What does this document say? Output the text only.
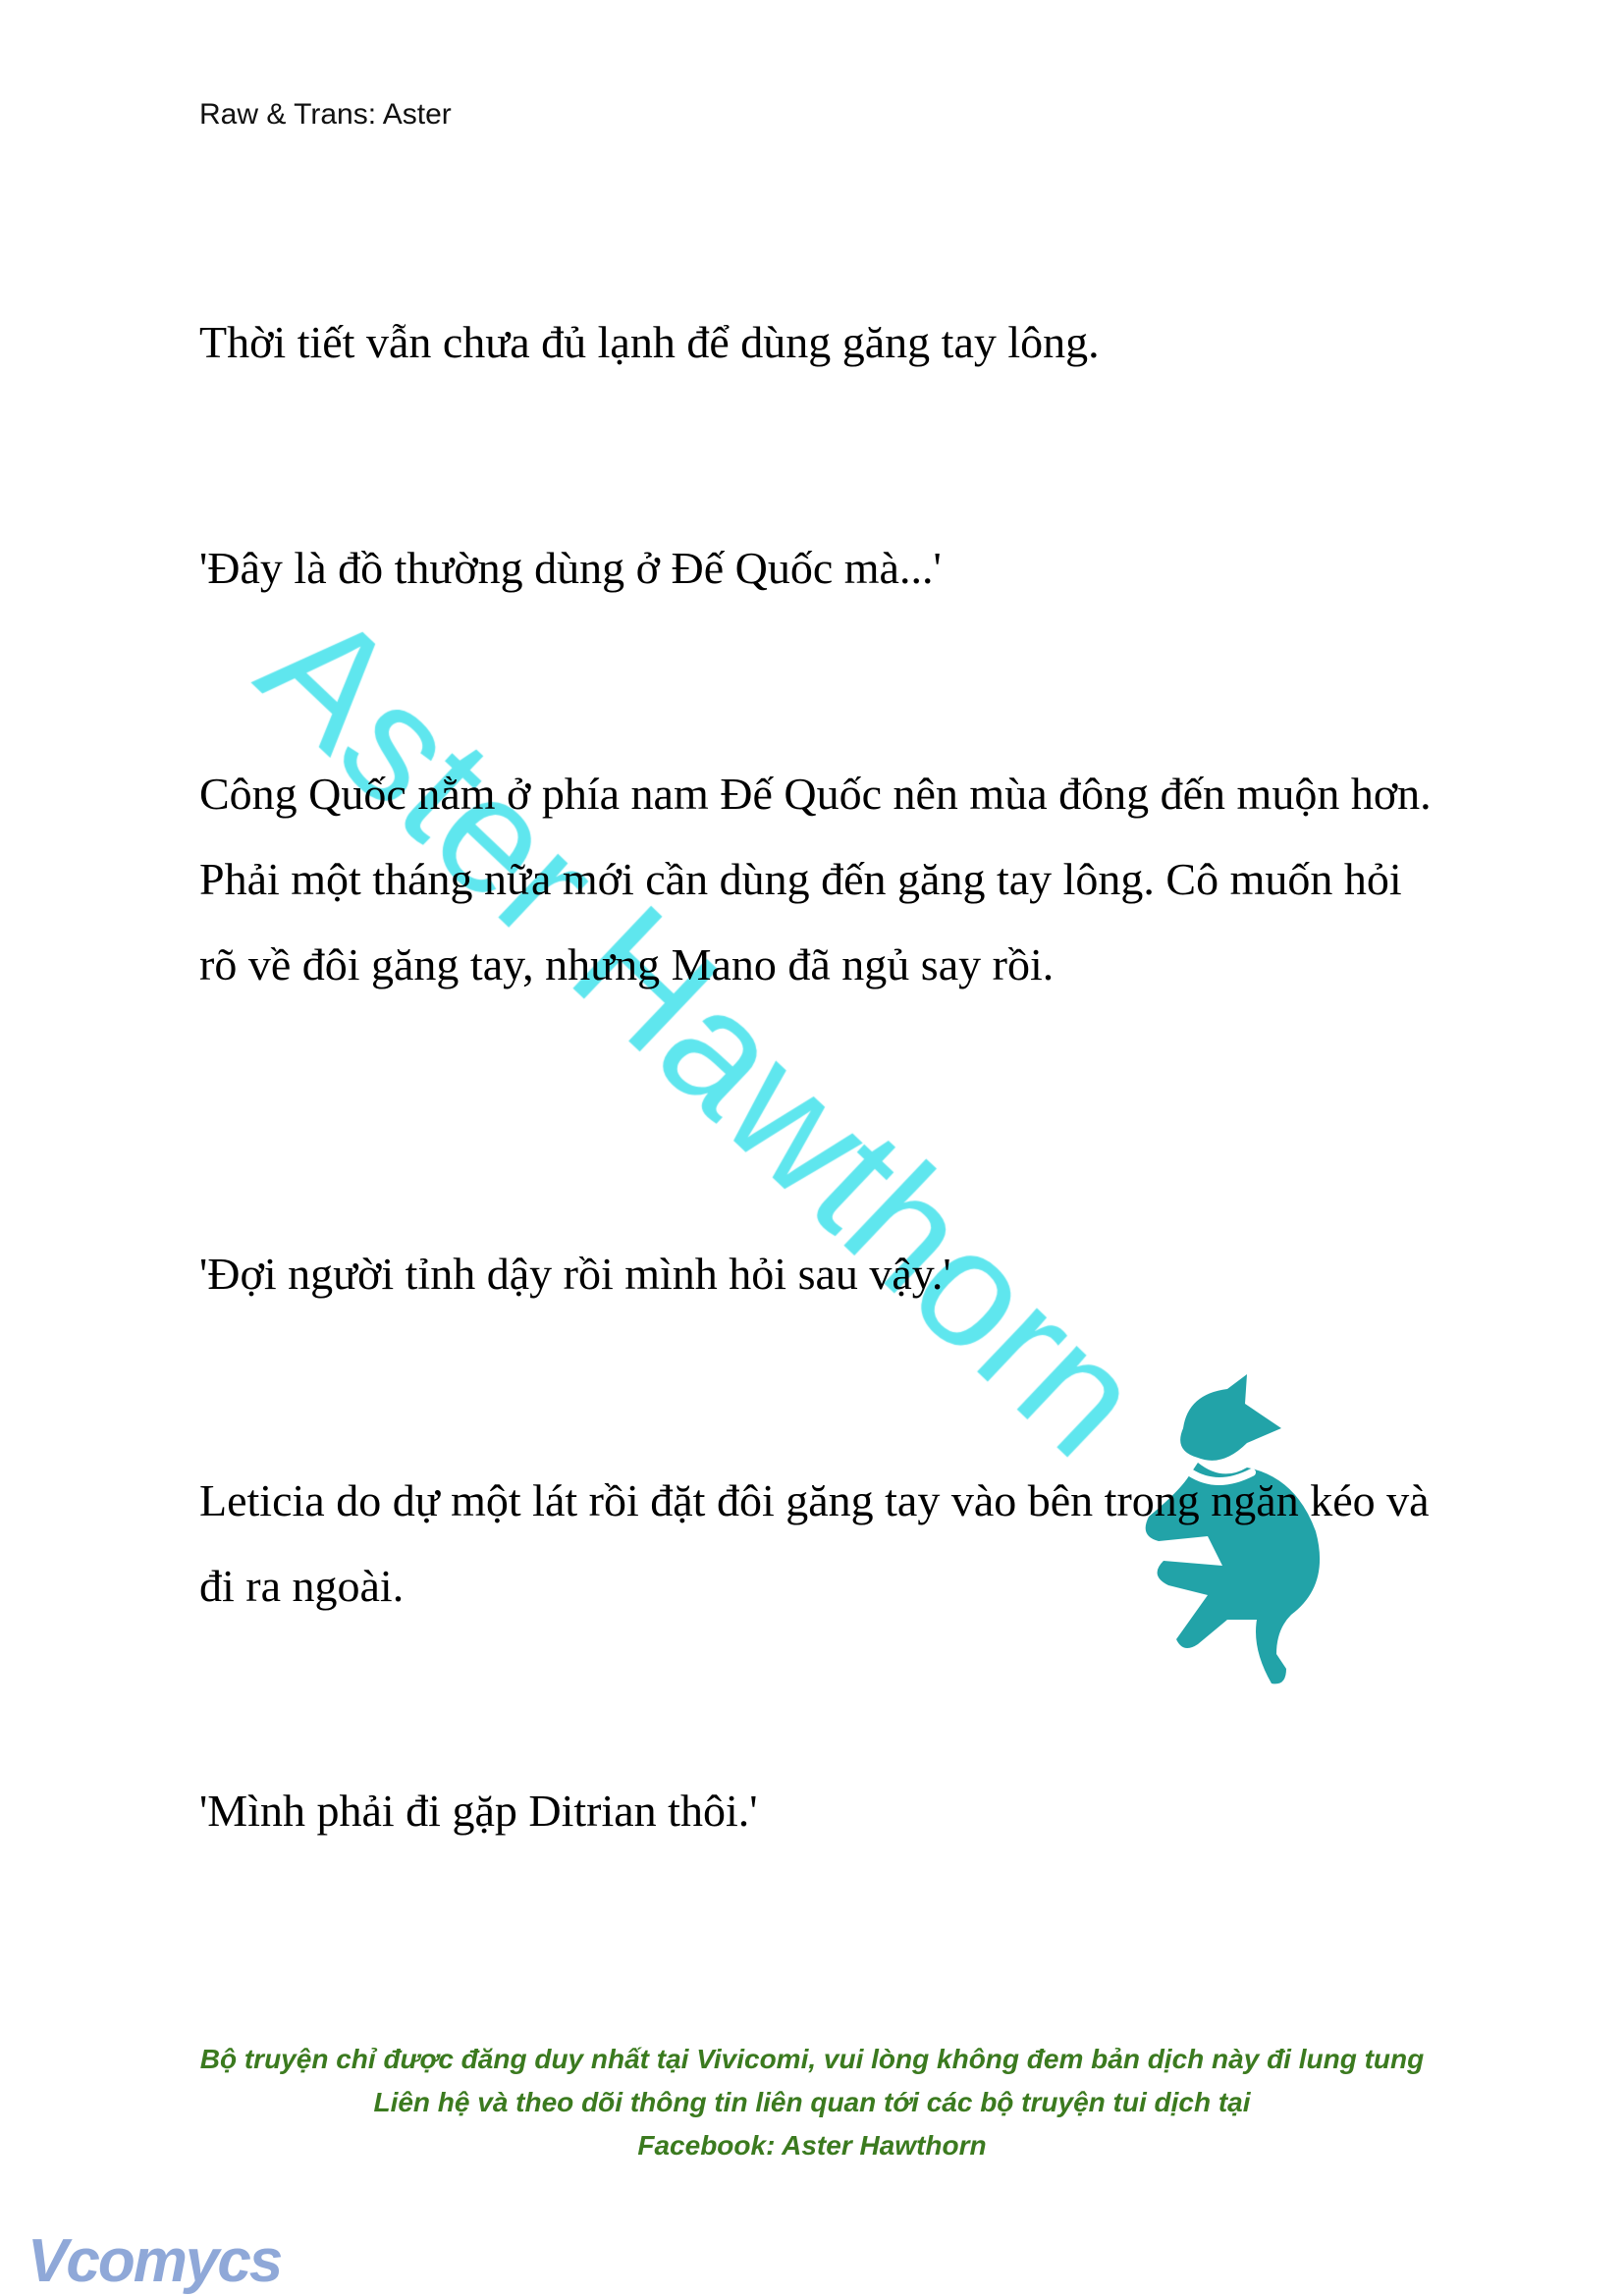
Raw & Trans: Aster

Thời tiết vẫn chưa đủ lạnh để dùng găng tay lông.

'Đây là đồ thường dùng ở Đế Quốc mà...'

Công Quốc nằm ở phía nam Đế Quốc nên mùa đông đến muộn hơn. Phải một tháng nữa mới cần dùng đến găng tay lông. Cô muốn hỏi rõ về đôi găng tay, nhưng Mano đã ngủ say rồi.

'Đợi người tỉnh dậy rồi mình hỏi sau vậy.'

Leticia do dự một lát rồi đặt đôi găng tay vào bên trong ngăn kéo và đi ra ngoài.

'Mình phải đi gặp Ditrian thôi.'

Bộ truyện chỉ được đăng duy nhất tại Vivicomi, vui lòng không đem bản dịch này đi lung tung
Liên hệ và theo dõi thông tin liên quan tới các bộ truyện tui dịch tại
Facebook: Aster Hawthorn
Vcomycs
